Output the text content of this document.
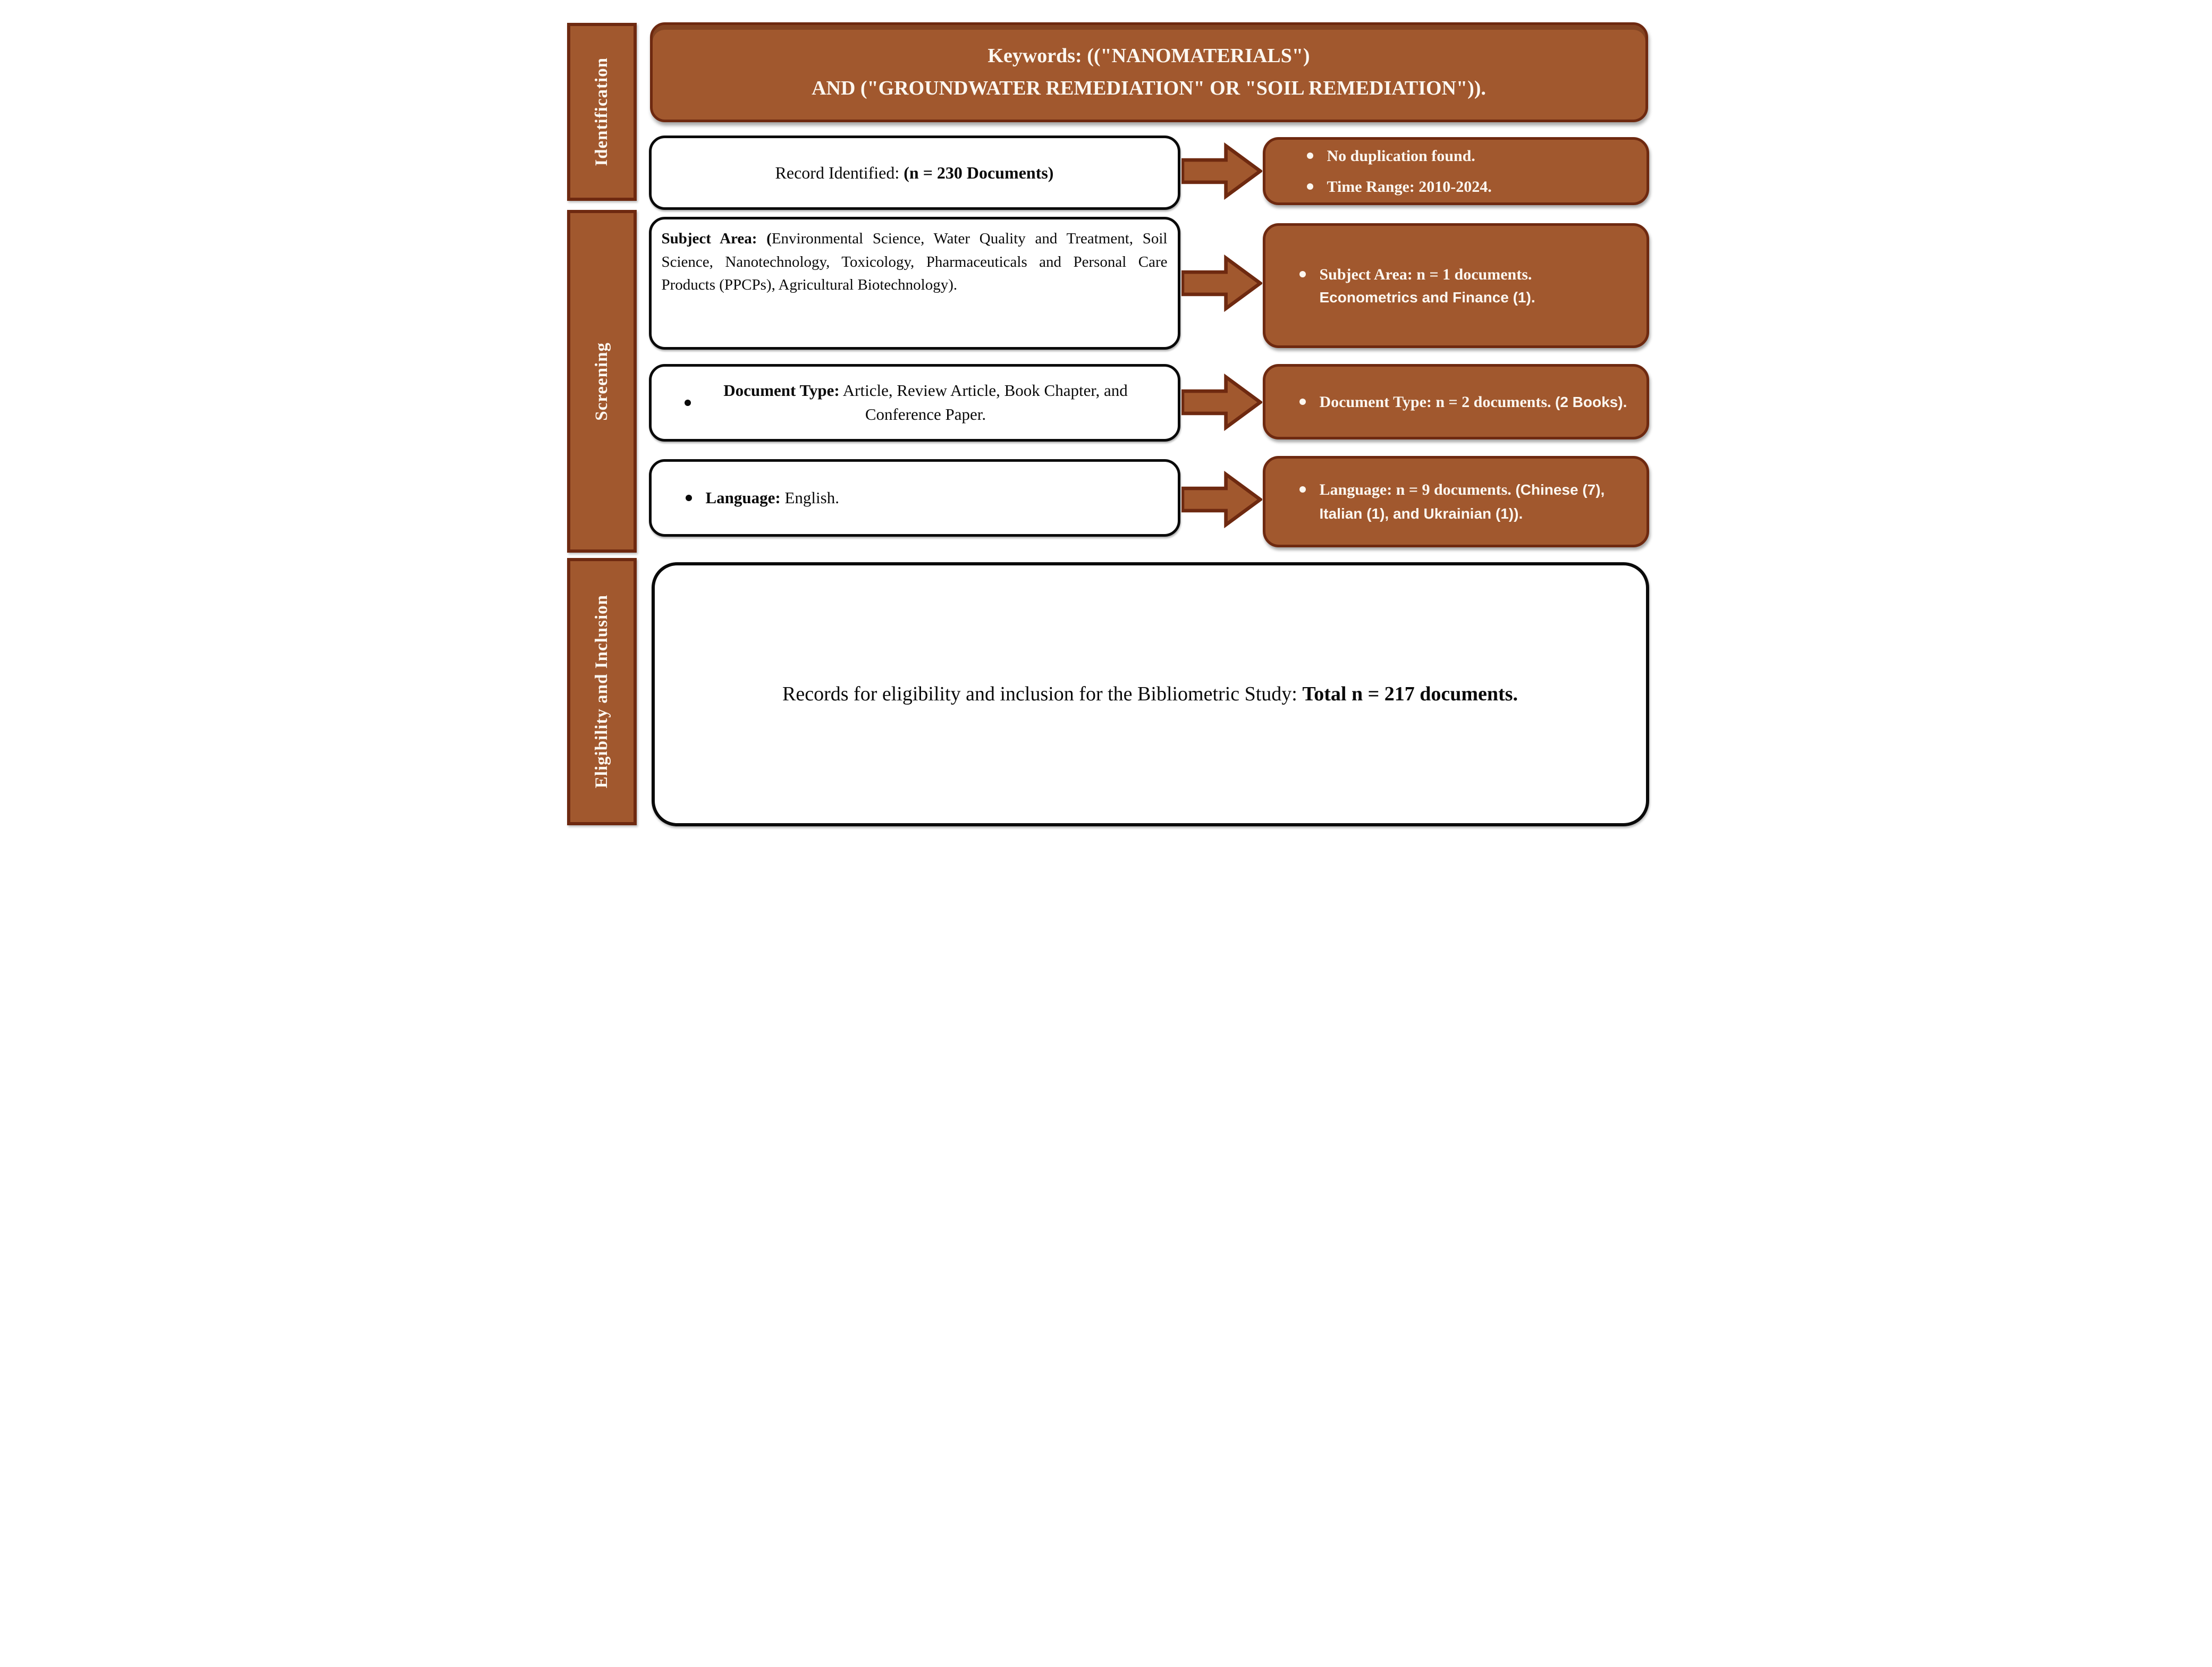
Identification
Screening
Eligibility and Inclusion
Keywords: (("NANOMATERIALS")
AND ("GROUNDWATER REMEDIATION" OR "SOIL REMEDIATION")).

Record Identified: (n = 230 Documents)

No duplication found.
Time Range: 2010-2024.

Subject Area: (Environmental Science, Water Quality and Treatment, Soil Science, Nanotechnology, Toxicology, Pharmaceuticals and Personal Care Products (PPCPs), Agricultural Biotechnology).

Subject Area: n = 1 documents.
Econometrics and Finance (1).
Document Type: Article, Review Article, Book Chapter, and Conference Paper.
Document Type: n = 2 documents. (2 Books).

Language: English.	Language: n = 9 documents. (Chinese (7), Italian (1), and Ukrainian (1)).

Records for eligibility and inclusion for the Bibliometric Study: Total n = 217 documents.
